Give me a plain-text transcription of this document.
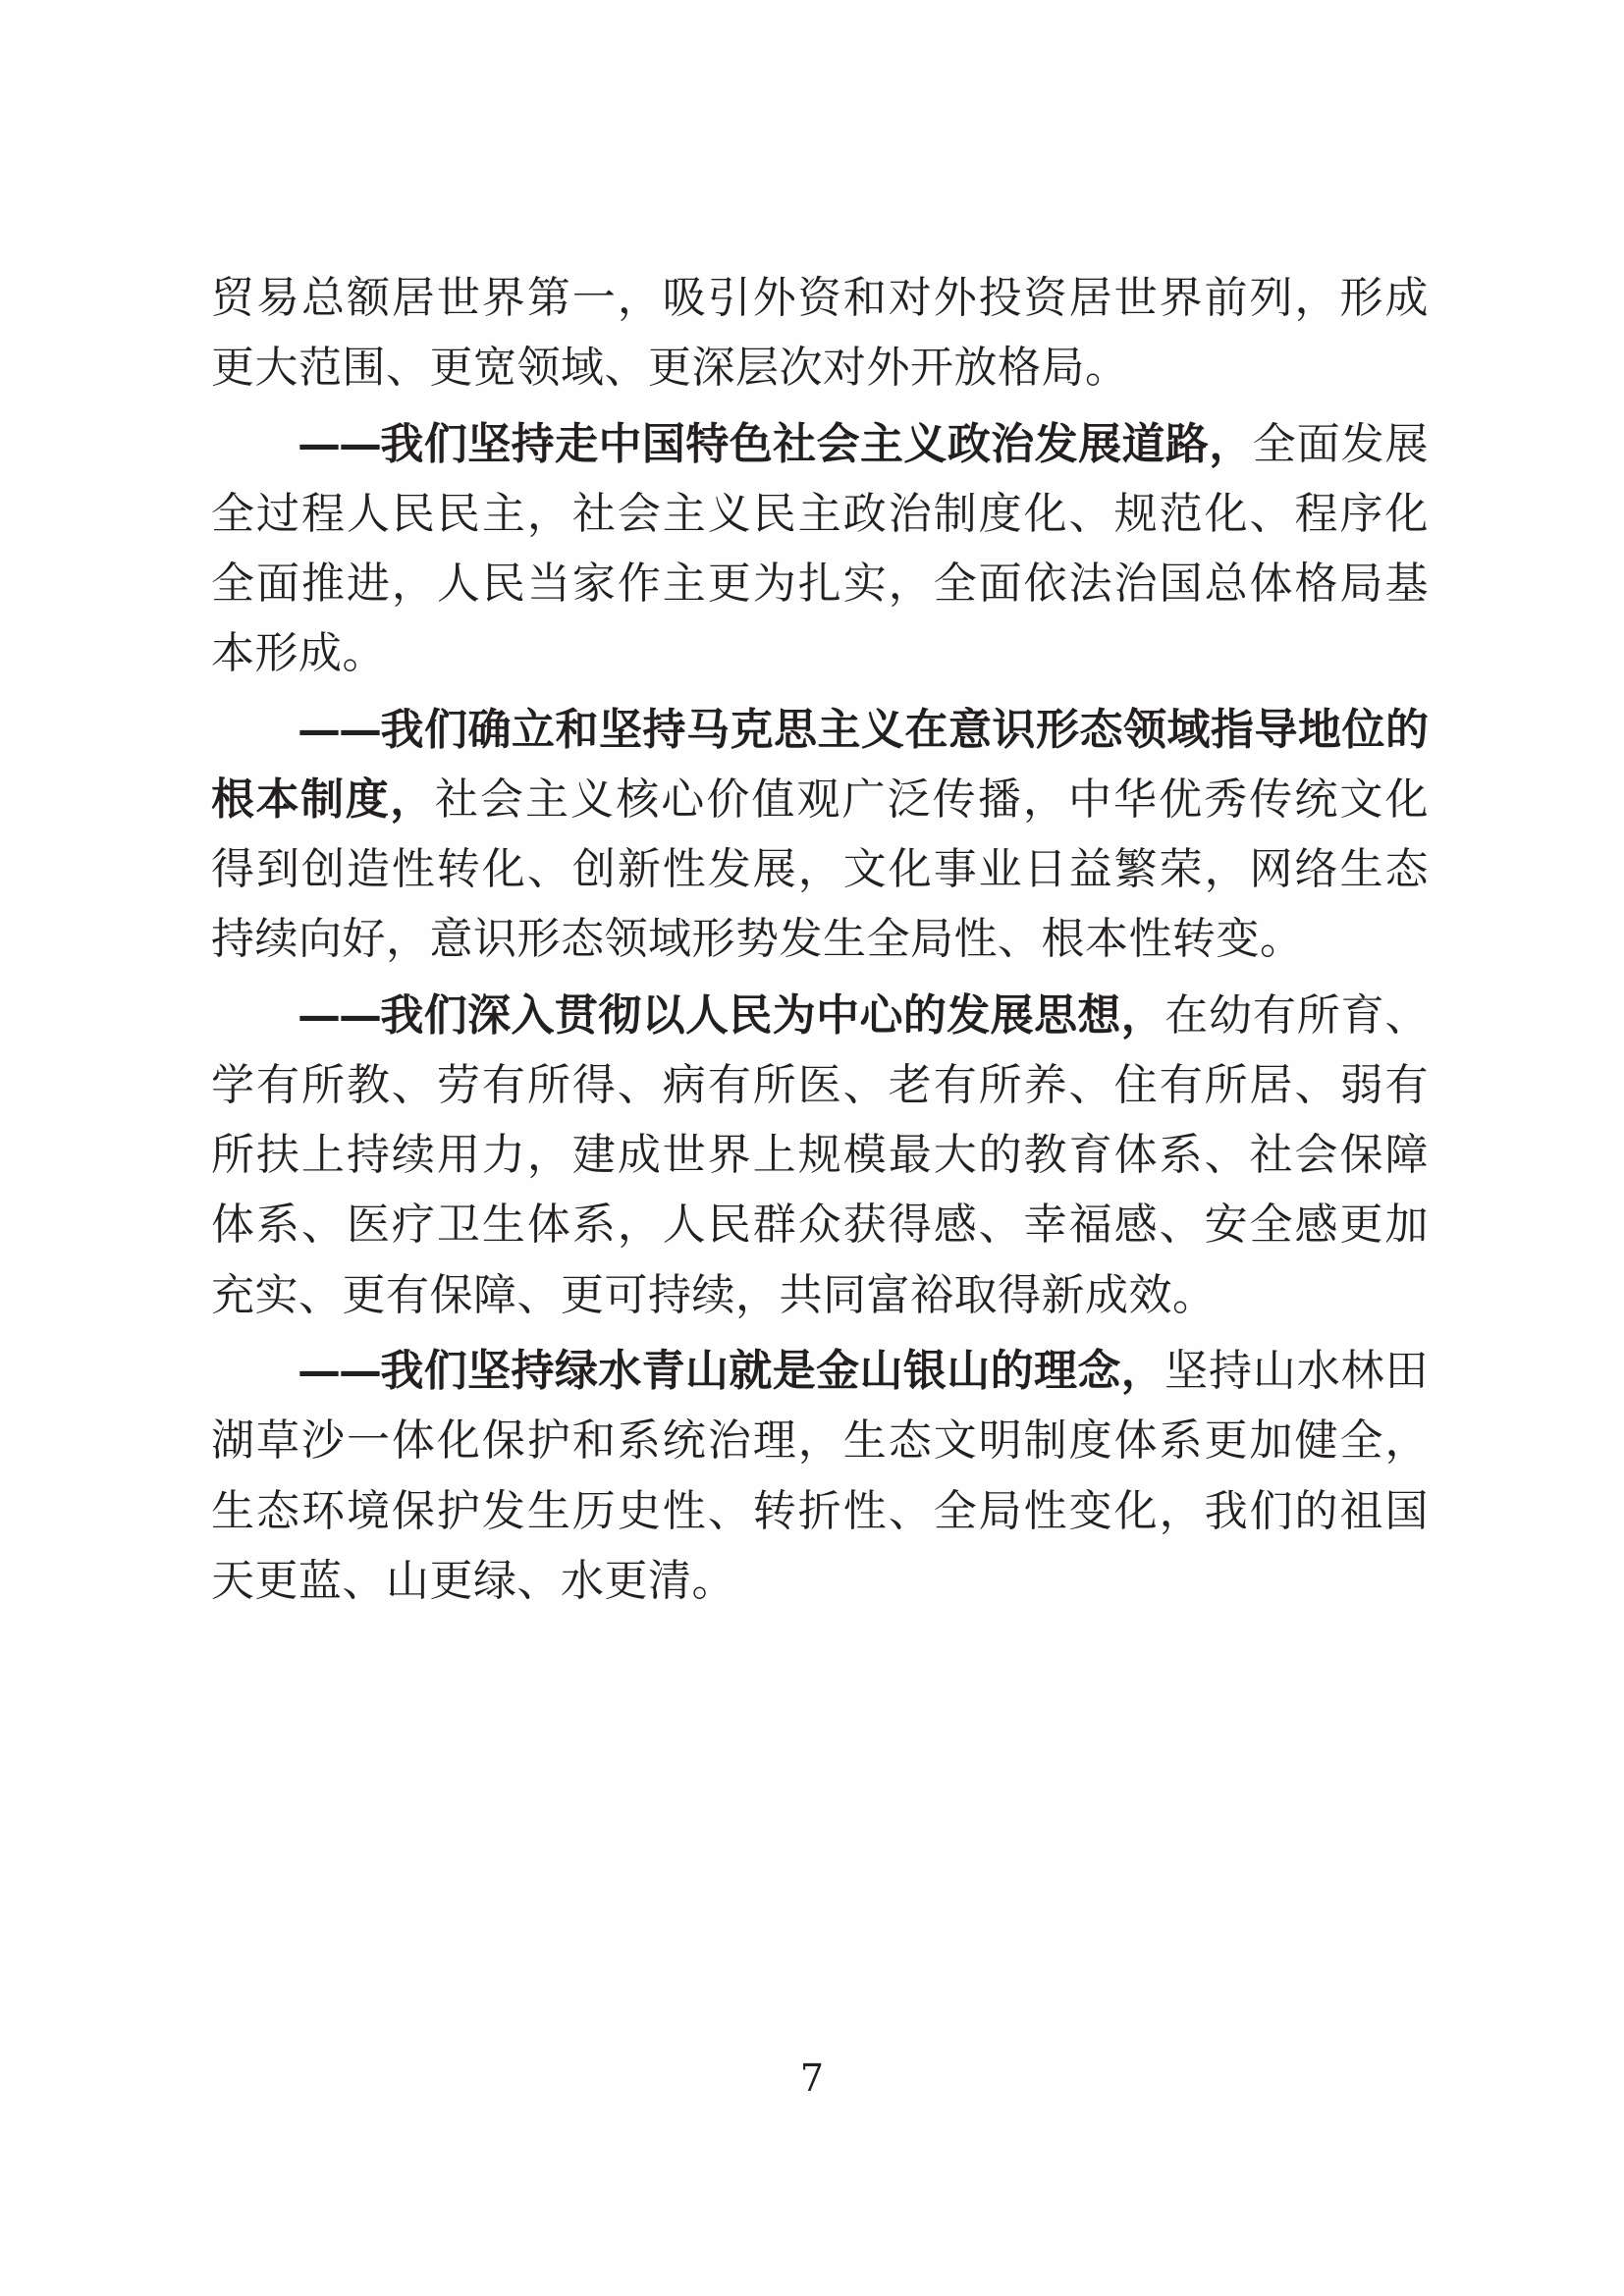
贸易总额居世界第一，吸引外资和对外投资居世界前列，形成更大范围、更宽领域、更深层次对外开放格局。

——我们坚持走中国特色社会主义政治发展道路，全面发展全过程人民民主，社会主义民主政治制度化、规范化、程序化全面推进，人民当家作主更为扎实，全面依法治国总体格局基本形成。

——我们确立和坚持马克思主义在意识形态领域指导地位的根本制度，社会主义核心价值观广泛传播，中华优秀传统文化得到创造性转化、创新性发展，文化事业日益繁荣，网络生态持续向好，意识形态领域形势发生全局性、根本性转变。

——我们深入贯彻以人民为中心的发展思想，在幼有所育、学有所教、劳有所得、病有所医、老有所养、住有所居、弱有所扶上持续用力，建成世界上规模最大的教育体系、社会保障体系、医疗卫生体系，人民群众获得感、幸福感、安全感更加充实、更有保障、更可持续，共同富裕取得新成效。

——我们坚持绿水青山就是金山银山的理念，坚持山水林田湖草沙一体化保护和系统治理，生态文明制度体系更加健全，生态环境保护发生历史性、转折性、全局性变化，我们的祖国天更蓝、山更绿、水更清。

7
